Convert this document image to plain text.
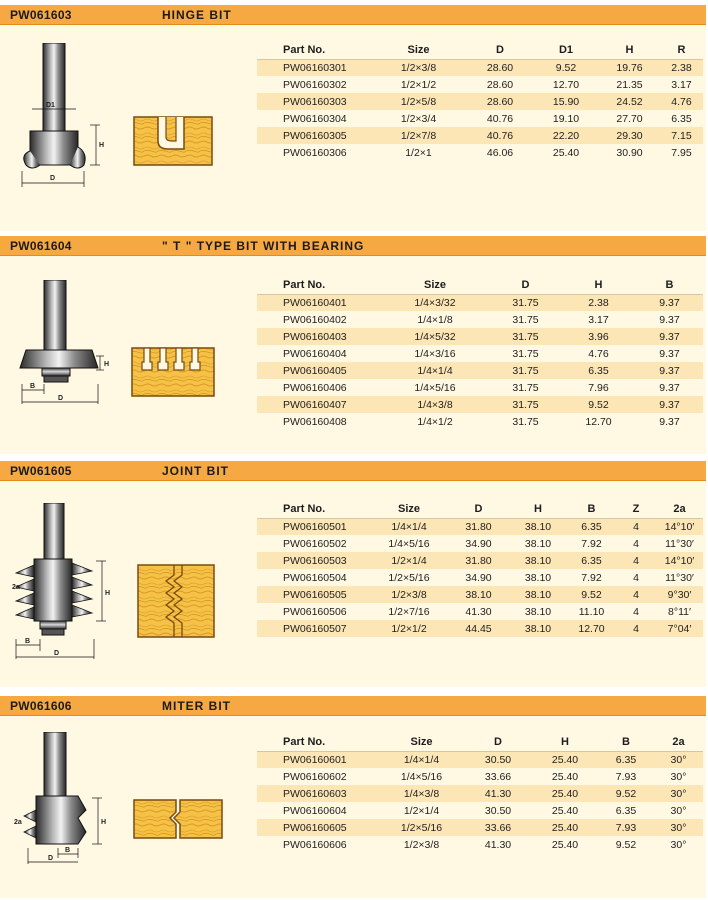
PW061603	HINGE BIT
D1
H
D
Part No.	Size	D	D1	H	R
PW06160301	1/2×3/8	28.60	9.52	19.76	2.38
PW06160302	1/2×1/2	28.60	12.70	21.35	3.17
PW06160303	1/2×5/8	28.60	15.90	24.52	4.76
PW06160304	1/2×3/4	40.76	19.10	27.70	6.35
PW06160305	1/2×7/8	40.76	22.20	29.30	7.15
PW06160306	1/2×1	46.06	25.40	30.90	7.95
PW061604	" T " TYPE BIT WITH BEARING
H
B
D
Part No.	Size	D	H	B
PW06160401	1/4×3/32	31.75	2.38	9.37
PW06160402	1/4×1/8	31.75	3.17	9.37
PW06160403	1/4×5/32	31.75	3.96	9.37
PW06160404	1/4×3/16	31.75	4.76	9.37
PW06160405	1/4×1/4	31.75	6.35	9.37
PW06160406	1/4×5/16	31.75	7.96	9.37
PW06160407	1/4×3/8	31.75	9.52	9.37
PW06160408	1/4×1/2	31.75	12.70	9.37
PW061605	JOINT BIT
2a
H
B
D
Part No.	Size	D	H	B	Z	2a
PW06160501	1/4×1/4	31.80	38.10	6.35	4	14°10′
PW06160502	1/4×5/16	34.90	38.10	7.92	4	11°30′
PW06160503	1/2×1/4	31.80	38.10	6.35	4	14°10′
PW06160504	1/2×5/16	34.90	38.10	7.92	4	11°30′
PW06160505	1/2×3/8	38.10	38.10	9.52	4	9°30′
PW06160506	1/2×7/16	41.30	38.10	11.10	4	8°11′
PW06160507	1/2×1/2	44.45	38.10	12.70	4	7°04′
PW061606	MITER BIT
2a	H
B
D
Part No.	Size	D	H	B	2a
PW06160601	1/4×1/4	30.50	25.40	6.35	30°
PW06160602	1/4×5/16	33.66	25.40	7.93	30°
PW06160603	1/4×3/8	41.30	25.40	9.52	30°
PW06160604	1/2×1/4	30.50	25.40	6.35	30°
PW06160605	1/2×5/16	33.66	25.40	7.93	30°
PW06160606	1/2×3/8	41.30	25.40	9.52	30°
